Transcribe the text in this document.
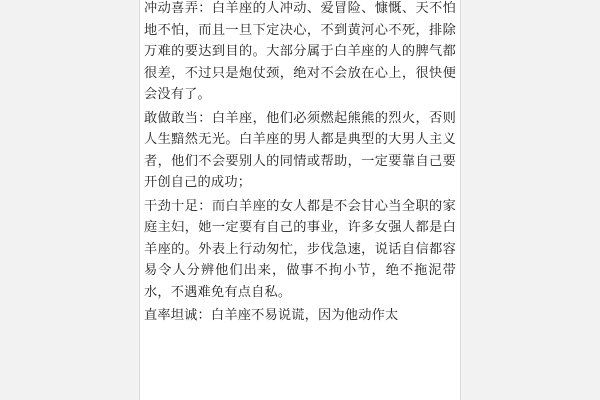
冲动喜弄：白羊座的人冲动、爱冒险、慷慨、天不怕地不怕，而且一旦下定决心，不到黄河心不死，排除万难的要达到目的。大部分属于白羊座的人的脾气都很差，不过只是炮仗颈，绝对不会放在心上，很快便会没有了。

敢做敢当：白羊座，他们必须燃起熊熊的烈火，否则人生黯然无光。白羊座的男人都是典型的大男人主义者，他们不会要别人的同情或帮助，一定要靠自己要开创自己的成功；

干劲十足：而白羊座的女人都是不会甘心当全职的家庭主妇，她一定要有自己的事业，许多女强人都是白羊座的。外表上行动匆忙，步伐急速，说话自信都容易令人分辨他们出来，做事不拘小节，绝不拖泥带水，不遇难免有点自私。

直率坦诚：白羊座不易说谎，因为他动作太
